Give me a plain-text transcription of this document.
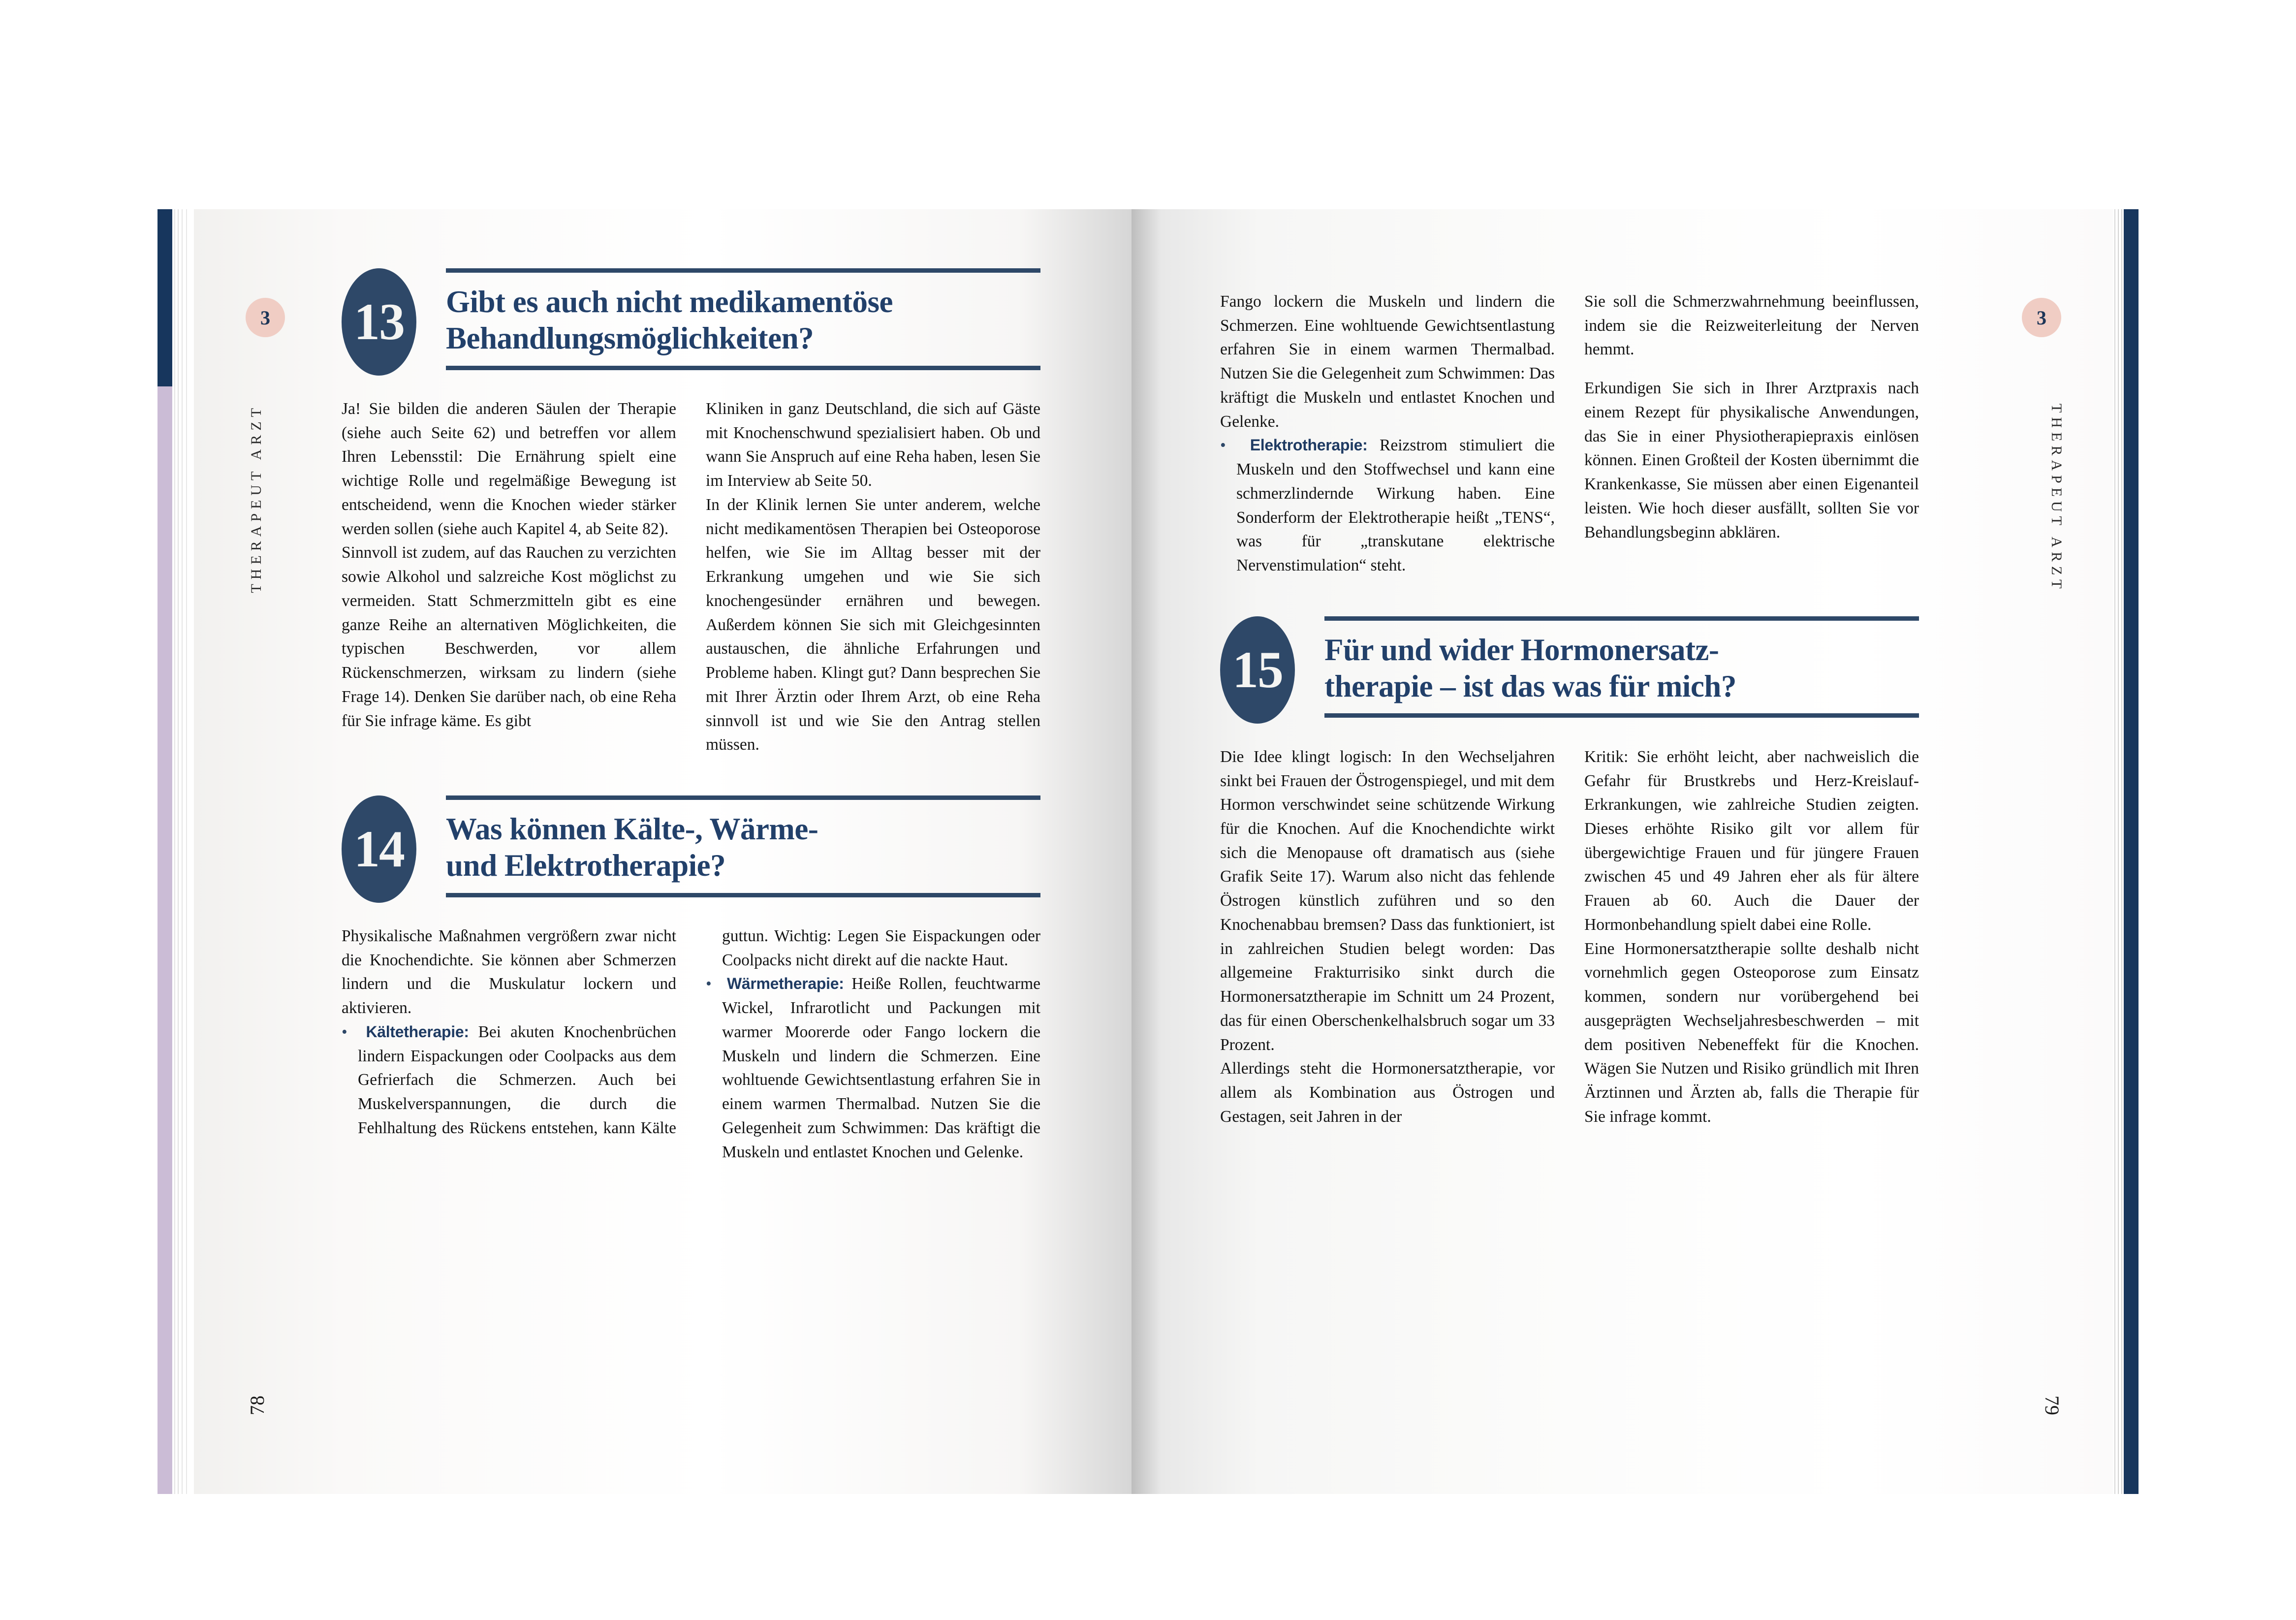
3
THERAPEUT ARZT
78
13	Gibt es auch nicht medikamentöse
Behandlungsmöglichkeiten?

Ja! Sie bilden die anderen Säulen der Therapie (siehe auch Seite 62) und betreffen vor allem Ihren Lebensstil: Die Ernährung spielt eine wichtige Rolle und regelmäßige Bewegung ist entscheidend, wenn die Knochen wieder stärker werden sollen (siehe auch Kapitel 4, ab Seite 82).

Sinnvoll ist zudem, auf das Rauchen zu verzichten sowie Alkohol und salzreiche Kost möglichst zu vermeiden. Statt Schmerzmitteln gibt es eine ganze Reihe an alternativen Möglichkeiten, die typischen Beschwerden, vor allem Rückenschmerzen, wirksam zu lindern (siehe Frage 14). Denken Sie darüber nach, ob eine Reha für Sie infrage käme. Es gibt

Kliniken in ganz Deutschland, die sich auf Gäste mit Knochenschwund spezialisiert haben. Ob und wann Sie Anspruch auf eine Reha haben, lesen Sie im Interview ab Seite 50.

In der Klinik lernen Sie unter anderem, welche nicht medikamentösen Therapien bei Osteoporose helfen, wie Sie im Alltag besser mit der Erkrankung umgehen und wie Sie sich knochengesünder ernähren und bewegen. Außerdem können Sie sich mit Gleichgesinnten austauschen, die ähnliche Erfahrungen und Probleme haben. Klingt gut? Dann besprechen Sie mit Ihrer Ärztin oder Ihrem Arzt, ob eine Reha sinnvoll ist und wie Sie den Antrag stellen müssen.

14	Was können Kälte-, Wärme-
und Elektrotherapie?

Physikalische Maßnahmen vergrößern zwar nicht die Knochendichte. Sie können aber Schmerzen lindern und die Muskulatur lockern und aktivieren.

•  Kältetherapie: Bei akuten Knochenbrüchen lindern Eispackungen oder Coolpacks aus dem Gefrierfach die Schmerzen. Auch bei Muskelverspannungen, die durch die Fehlhaltung des Rückens entstehen, kann Kälte guttun. Wichtig: Legen Sie Eispackungen oder Coolpacks nicht direkt auf die nackte Haut.

•  Wärmetherapie: Heiße Rollen, feuchtwarme Wickel, Infrarotlicht und Packungen mit warmer Moorerde oder Fango lockern die Muskeln und lindern die Schmerzen. Eine wohltuende Gewichtsentlastung erfahren Sie in einem warmen Thermalbad. Nutzen Sie die Gelegenheit zum Schwimmen: Das kräftigt die Muskeln und entlastet Knochen und Gelenke.

3
THERAPEUT ARZT
79

Fango lockern die Muskeln und lindern die Schmerzen. Eine wohltuende Gewichtsentlastung erfahren Sie in einem warmen Thermalbad. Nutzen Sie die Gelegenheit zum Schwimmen: Das kräftigt die Muskeln und entlastet Knochen und Gelenke.

•  Elektrotherapie: Reizstrom stimuliert die Muskeln und den Stoffwechsel und kann eine schmerzlindernde Wirkung haben. Eine Sonderform der Elektrotherapie heißt „TENS“, was für „transkutane elektrische Nervenstimulation“ steht.

Sie soll die Schmerzwahrnehmung beeinflussen, indem sie die Reizweiterleitung der Nerven hemmt.

Erkundigen Sie sich in Ihrer Arztpraxis nach einem Rezept für physikalische Anwendungen, das Sie in einer Physiotherapiepraxis einlösen können. Einen Großteil der Kosten übernimmt die Krankenkasse, Sie müssen aber einen Eigenanteil leisten. Wie hoch dieser ausfällt, sollten Sie vor Behandlungsbeginn abklären.

15	Für und wider Hormonersatz-
therapie – ist das was für mich?

Die Idee klingt logisch: In den Wechseljahren sinkt bei Frauen der Östrogenspiegel, und mit dem Hormon verschwindet seine schützende Wirkung für die Knochen. Auf die Knochendichte wirkt sich die Menopause oft dramatisch aus (siehe Grafik Seite 17). Warum also nicht das fehlende Östrogen künstlich zuführen und so den Knochenabbau bremsen? Dass das funktioniert, ist in zahlreichen Studien belegt worden: Das allgemeine Frakturrisiko sinkt durch die Hormonersatztherapie im Schnitt um 24 Prozent, das für einen Oberschenkelhalsbruch sogar um 33 Prozent.

Allerdings steht die Hormonersatztherapie, vor allem als Kombination aus Östrogen und Gestagen, seit Jahren in der

Kritik: Sie erhöht leicht, aber nachweislich die Gefahr für Brustkrebs und Herz-Kreislauf-Erkrankungen, wie zahlreiche Studien zeigten. Dieses erhöhte Risiko gilt vor allem für übergewichtige Frauen und für jüngere Frauen zwischen 45 und 49 Jahren eher als für ältere Frauen ab 60. Auch die Dauer der Hormonbehandlung spielt dabei eine Rolle.

Eine Hormonersatztherapie sollte deshalb nicht vornehmlich gegen Osteoporose zum Einsatz kommen, sondern nur vorübergehend bei ausgeprägten Wechseljahresbeschwerden – mit dem positiven Nebeneffekt für die Knochen. Wägen Sie Nutzen und Risiko gründlich mit Ihren Ärztinnen und Ärzten ab, falls die Therapie für Sie infrage kommt.
